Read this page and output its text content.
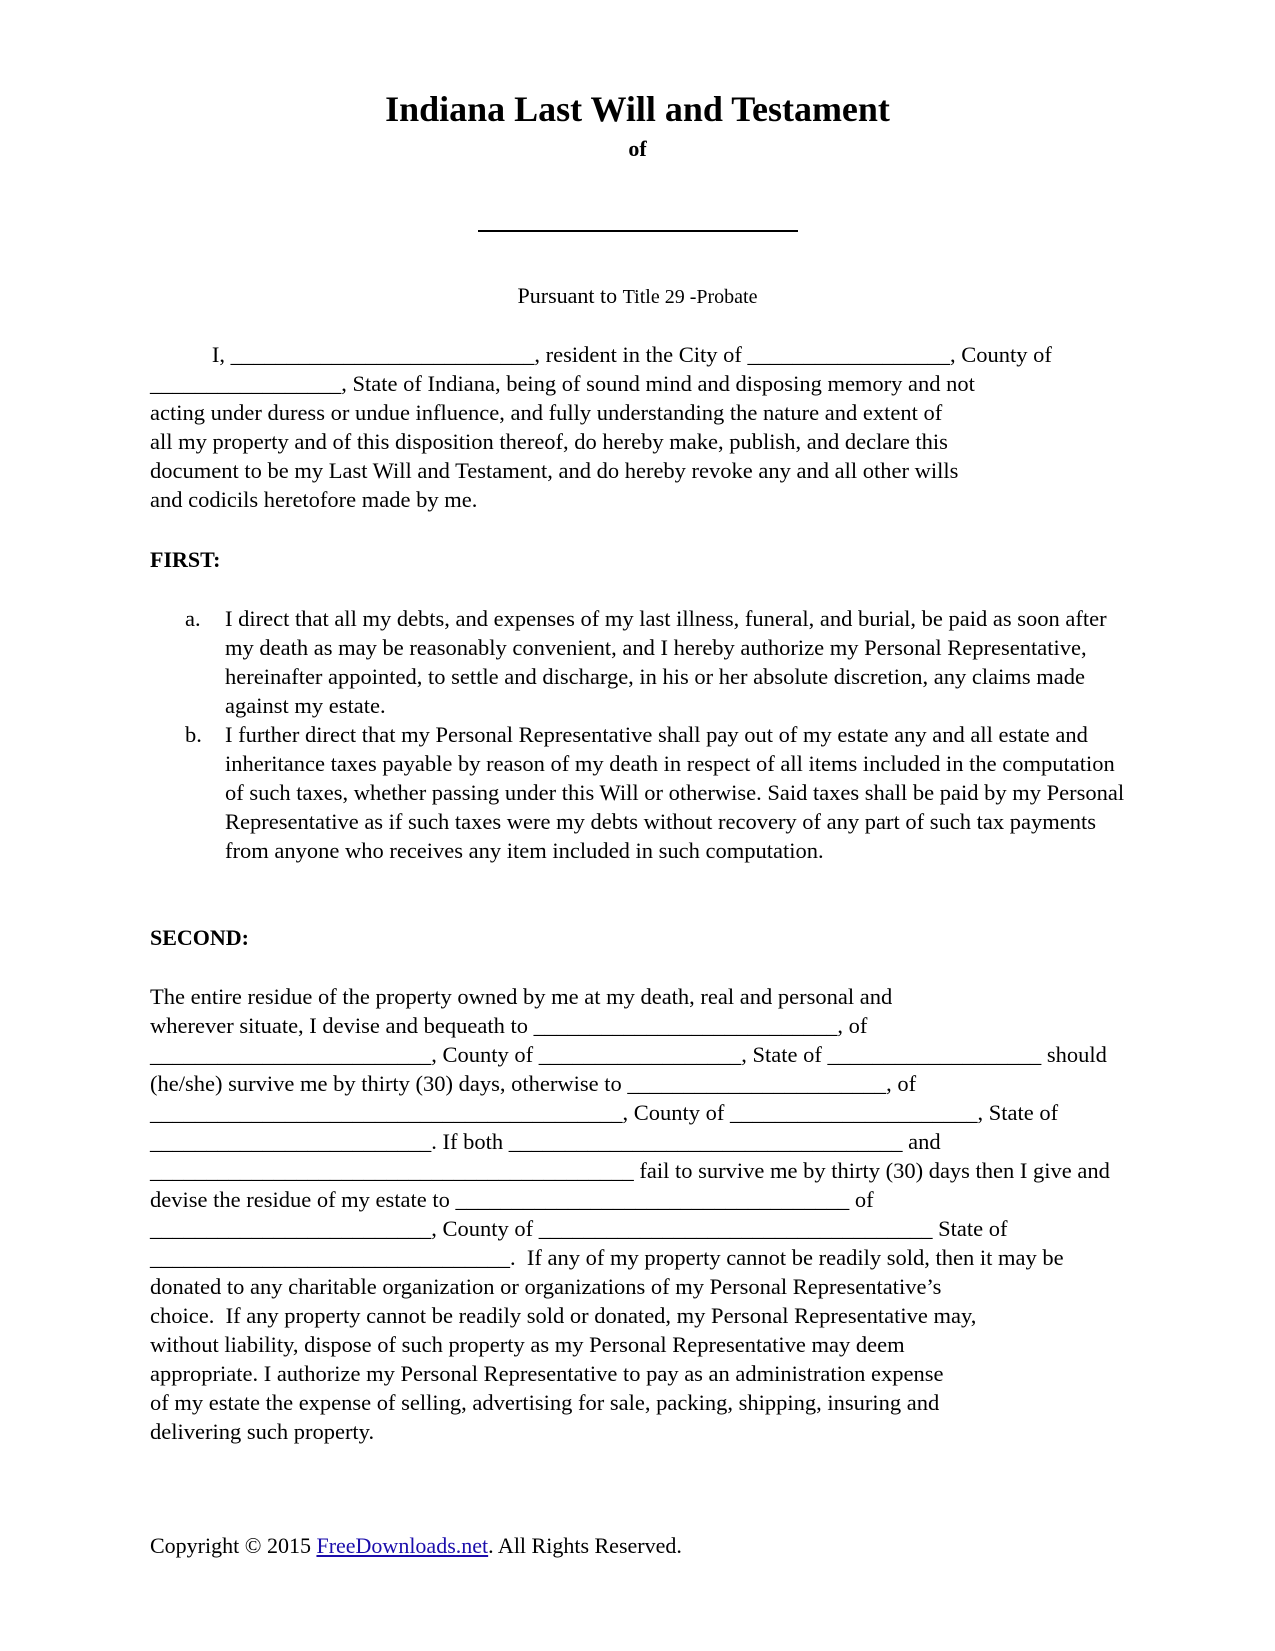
Indiana Last Will and Testament
of
Pursuant to Title 29 -Probate
I, ___________________________, resident in the City of __________________, County of
_________________, State of Indiana, being of sound mind and disposing memory and not
acting under duress or undue influence, and fully understanding the nature and extent of
all my property and of this disposition thereof, do hereby make, publish, and declare this
document to be my Last Will and Testament, and do hereby revoke any and all other wills
and codicils heretofore made by me.
FIRST:
a. I direct that all my debts, and expenses of my last illness, funeral, and burial, be paid as soon after my death as may be reasonably convenient, and I hereby authorize my Personal Representative, hereinafter appointed, to settle and discharge, in his or her absolute discretion, any claims made against my estate.
b. I further direct that my Personal Representative shall pay out of my estate any and all estate and inheritance taxes payable by reason of my death in respect of all items included in the computation of such taxes, whether passing under this Will or otherwise. Said taxes shall be paid by my Personal Representative as if such taxes were my debts without recovery of any part of such tax payments from anyone who receives any item included in such computation.
SECOND:
The entire residue of the property owned by me at my death, real and personal and
wherever situate, I devise and bequeath to ___________________________, of
_________________________, County of __________________, State of ___________________ should
(he/she) survive me by thirty (30) days, otherwise to _______________________, of
__________________________________________, County of ______________________, State of
_________________________. If both ___________________________________ and
___________________________________________ fail to survive me by thirty (30) days then I give and
devise the residue of my estate to ___________________________________ of
_________________________, County of ___________________________________ State of
________________________________.  If any of my property cannot be readily sold, then it may be
donated to any charitable organization or organizations of my Personal Representative’s
choice.  If any property cannot be readily sold or donated, my Personal Representative may,
without liability, dispose of such property as my Personal Representative may deem
appropriate. I authorize my Personal Representative to pay as an administration expense
of my estate the expense of selling, advertising for sale, packing, shipping, insuring and
delivering such property.
Copyright © 2015 FreeDownloads.net. All Rights Reserved.
